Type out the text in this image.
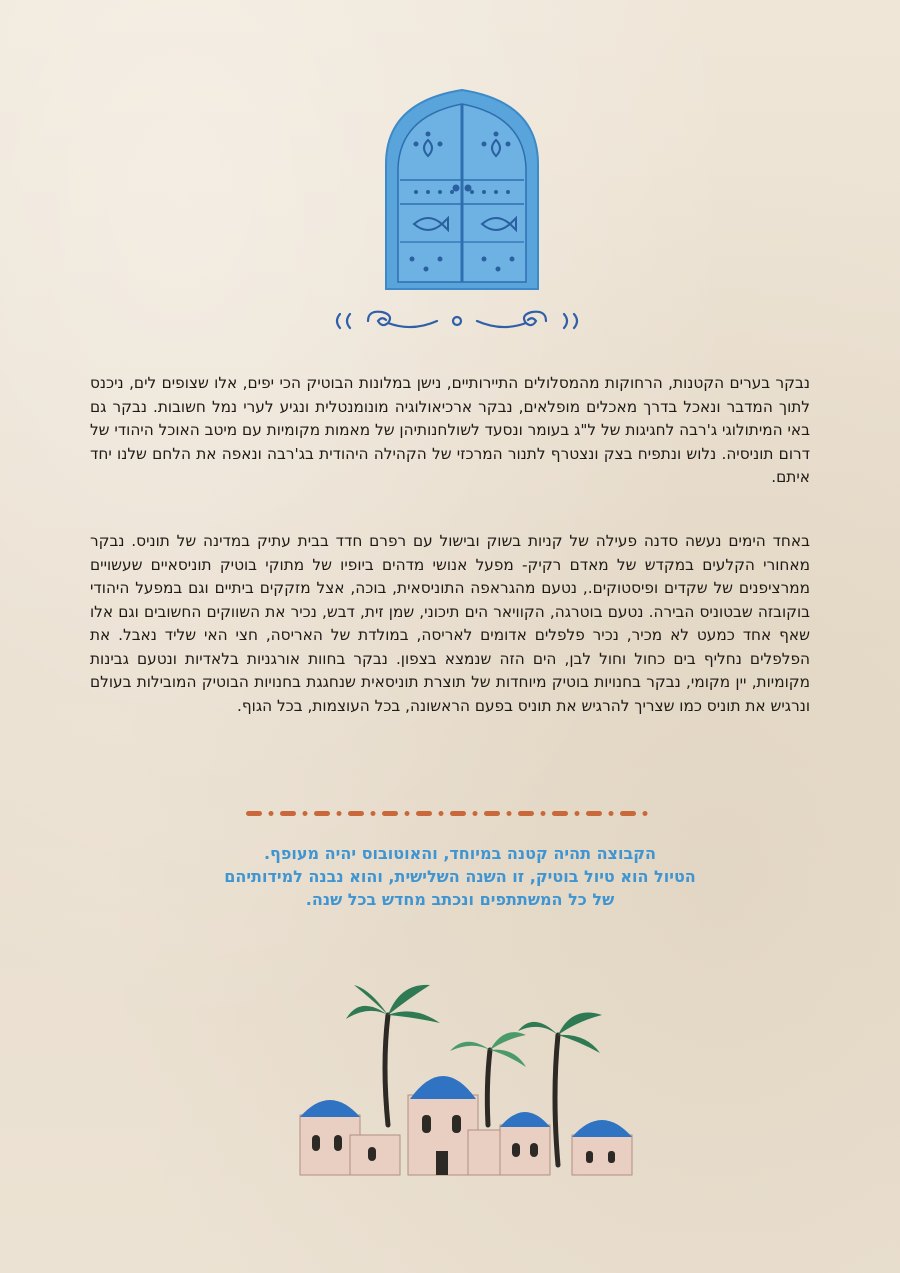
נבקר בערים הקטנות, הרחוקות מהמסלולים התיירותיים, נישן במלונות הבוטיק הכי יפים, אלו שצופים לים, ניכנס לתוך המדבר ונאכל בדרך מאכלים מופלאים, נבקר ארכיאולוגיה מונומנטלית ונגיע לערי נמל חשובות. נבקר גם באי המיתולוגי ג'רבה לחגיגות של ל"ג בעומר ונסעד לשולחנותיהן של מאמות מקומיות עם מיטב האוכל היהודי של דרום תוניסיה. נלוש ונתפיח בצק ונצטרף לתנור המרכזי של הקהילה היהודית בג'רבה ונאפה את הלחם שלנו יחד איתם.

באחד הימים נעשה סדנה פעילה של קניות בשוק ובישול עם רפרם חדד בבית עתיק במדינה של תוניס. נבקר מאחורי הקלעים במקדש של מאדם רקיק- מפעל אנושי מדהים ביופיו של מתוקי בוטיק תוניסאיים שעשויים ממרציפנים של שקדים ופיסטוקים., נטעם מהגראפה התוניסאית, בוכה, אצל מזקקים ביתיים וגם במפעל היהודי בוקובזה שבטוניס הבירה. נטעם בוטרגה, הקוויאר הים תיכוני, שמן זית, דבש, נכיר את השווקים החשובים וגם אלו שאף אחד כמעט לא מכיר, נכיר פלפלים אדומים לאריסה, במולדת של האריסה, חצי האי שליד נאבל. את הפלפלים נחליף בים כחול וחול לבן, הים הזה שנמצא בצפון. נבקר בחוות אורגניות בלאדיות ונטעם גבינות מקומיות, יין מקומי, נבקר בחנויות בוטיק מיוחדות של תוצרת תוניסאית שנחגגת בחנויות הבוטיק המובילות בעולם ונרגיש את תוניס כמו שצריך להרגיש את תוניס בפעם הראשונה, בכל העוצמות, בכל הגוף.

הקבוצה תהיה קטנה במיוחד, והאוטובוס יהיה מעופף.
הטיול הוא טיול בוטיק, זו השנה השלישית, והוא נבנה למידותיהם
של כל המשתתפים ונכתב מחדש בכל שנה.
